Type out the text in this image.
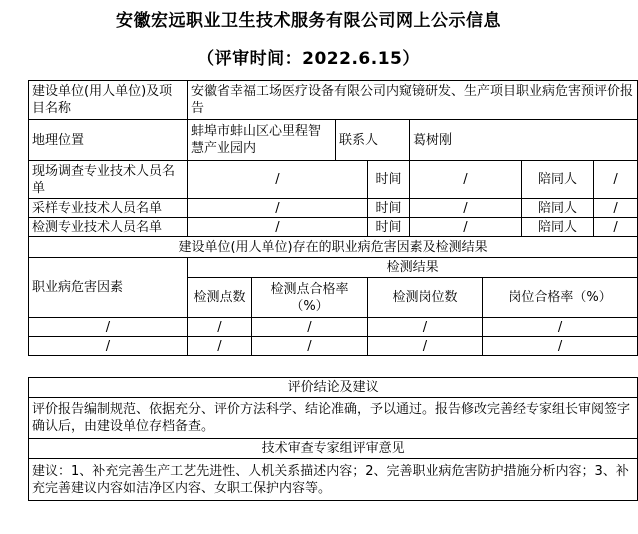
安徽宏远职业卫生技术服务有限公司网上公示信息
（评审时间：2022.6.15）
建设单位(用人单位)及项目名称	安徽省幸福工场医疗设备有限公司内窥镜研发、生产项目职业病危害预评价报告							
地理位置	蚌埠市蚌山区心里程智慧产业园内		联系人		葛树刚			
现场调查专业技术人员名单	/			时间	/		陪同人	/
采样专业技术人员名单	/			时间	/		陪同人	/
检测专业技术人员名单	/			时间	/		陪同人	/
建设单位(用人单位)存在的职业病危害因素及检测结果								
职业病危害因素	检测结果							
	检测点数	检测点合格率（%）		检测岗位数		岗位合格率（%）		
/	/	/		/		/		
/	/	/		/		/		

评价结论及建议								
评价报告编制规范、依据充分、评价方法科学、结论准确，予以通过。报告修改完善经专家组长审阅签字确认后，由建设单位存档备查。								
技术审查专家组评审意见								
建议：1、补充完善生产工艺先进性、人机关系描述内容；2、完善职业病危害防护措施分析内容；3、补充完善建议内容如洁净区内容、女职工保护内容等。								
